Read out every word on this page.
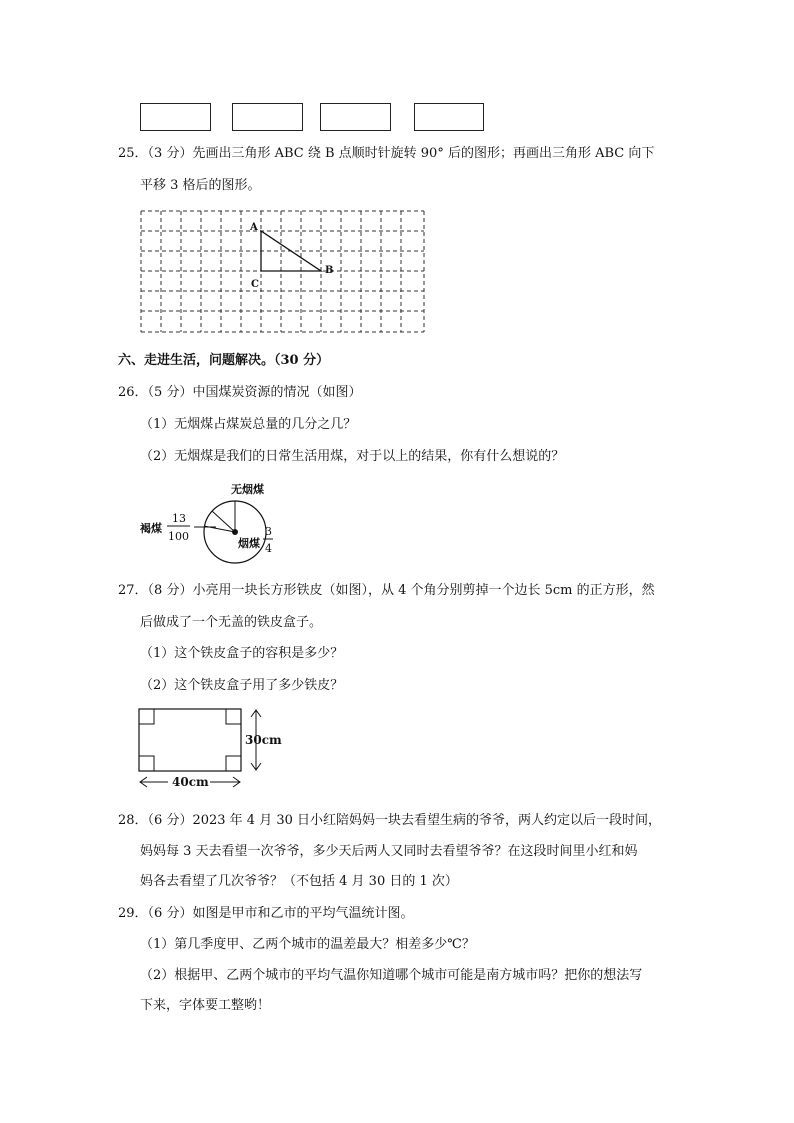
25．（3 分）先画出三角形 ABC 绕 B 点顺时针旋转 90° 后的图形；再画出三角形 ABC 向下
平移 3 格后的图形。
A
B
C
六、走进生活，问题解决。（30 分）
26．（5 分）中国煤炭资源的情况（如图）
（1）无烟煤占煤炭总量的几分之几？
（2）无烟煤是我们的日常生活用煤，对于以上的结果，你有什么想说的？
无烟煤
褐煤
13
100
烟煤
3
4
27．（8 分）小亮用一块长方形铁皮（如图），从 4 个角分别剪掉一个边长 5cm 的正方形，然
后做成了一个无盖的铁皮盒子。
（1）这个铁皮盒子的容积是多少？
（2）这个铁皮盒子用了多少铁皮？
30cm
40cm
28．（6 分）2023 年 4 月 30 日小红陪妈妈一块去看望生病的爷爷，两人约定以后一段时间，
妈妈每 3 天去看望一次爷爷，多少天后两人又同时去看望爷爷？在这段时间里小红和妈
妈各去看望了几次爷爷？（不包括 4 月 30 日的 1 次）
29．（6 分）如图是甲市和乙市的平均气温统计图。
（1）第几季度甲、乙两个城市的温差最大？相差多少℃？
（2）根据甲、乙两个城市的平均气温你知道哪个城市可能是南方城市吗？把你的想法写
下来，字体要工整哟！
